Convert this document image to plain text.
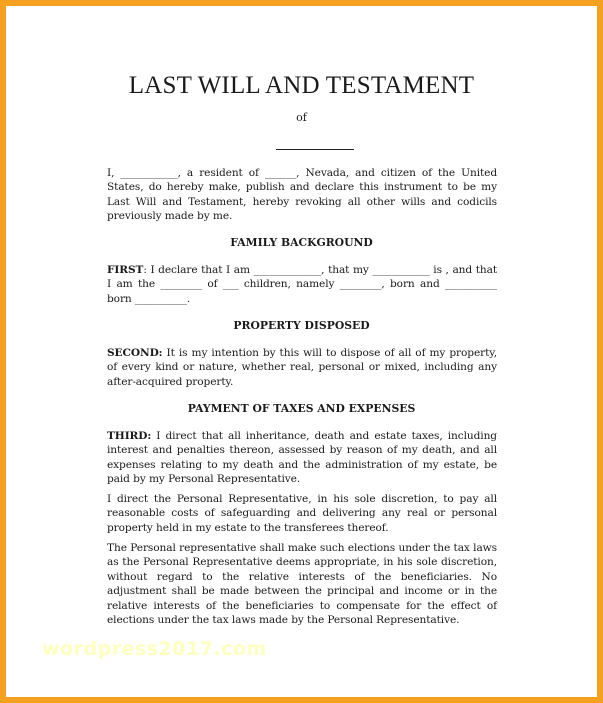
LAST WILL AND TESTAMENT
of
I, ___________, a resident of ______, Nevada, and citizen of the United States, do hereby make, publish and declare this instrument to be my Last Will and Testament, hereby revoking all other wills and codicils previously made by me.
FAMILY BACKGROUND
FIRST: I declare that I am _____________, that my ___________ is , and that I am the ________ of ___ children, namely ________, born and __________ born __________.
PROPERTY DISPOSED
SECOND: It is my intention by this will to dispose of all of my property, of every kind or nature, whether real, personal or mixed, including any after-acquired property.
PAYMENT OF TAXES AND EXPENSES
THIRD: I direct that all inheritance, death and estate taxes, including interest and penalties thereon, assessed by reason of my death, and all expenses relating to my death and the administration of my estate, be paid by my Personal Representative.
I direct the Personal Representative, in his sole discretion, to pay all reasonable costs of safeguarding and delivering any real or personal property held in my estate to the transferees thereof.
The Personal representative shall make such elections under the tax laws as the Personal Representative deems appropriate, in his sole discretion, without regard to the relative interests of the beneficiaries. No adjustment shall be made between the principal and income or in the relative interests of the beneficiaries to compensate for the effect of elections under the tax laws made by the Personal Representative.
wordpress2017.com
